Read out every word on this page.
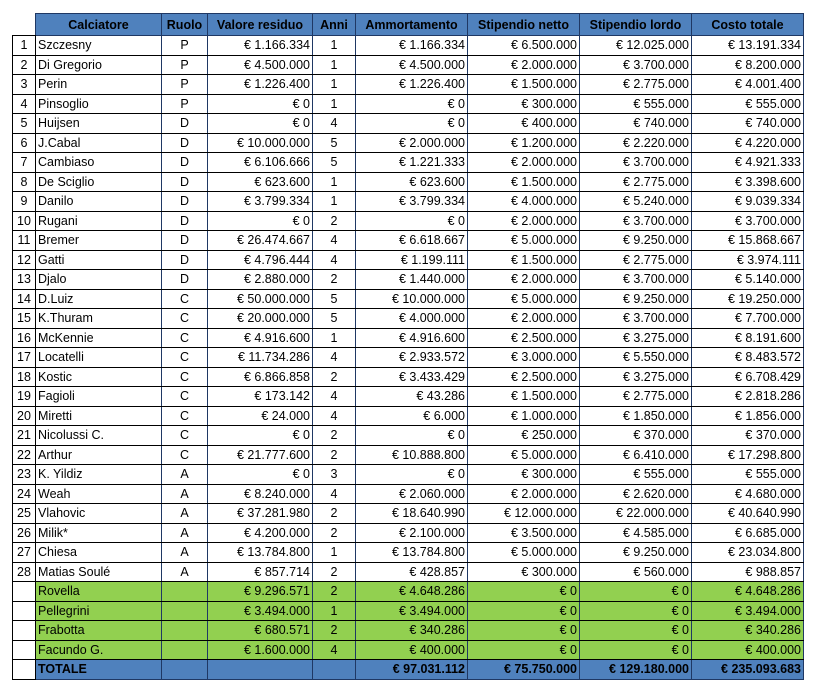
	Calciatore	Ruolo	Valore residuo	Anni	Ammortamento	Stipendio netto	Stipendio lordo	Costo totale
1	Szczesny	P	€ 1.166.334	1	€ 1.166.334	€ 6.500.000	€ 12.025.000	€ 13.191.334
2	Di Gregorio	P	€ 4.500.000	1	€ 4.500.000	€ 2.000.000	€ 3.700.000	€ 8.200.000
3	Perin	P	€ 1.226.400	1	€ 1.226.400	€ 1.500.000	€ 2.775.000	€ 4.001.400
4	Pinsoglio	P	€ 0	1	€ 0	€ 300.000	€ 555.000	€ 555.000
5	Huijsen	D	€ 0	4	€ 0	€ 400.000	€ 740.000	€ 740.000
6	J.Cabal	D	€ 10.000.000	5	€ 2.000.000	€ 1.200.000	€ 2.220.000	€ 4.220.000
7	Cambiaso	D	€ 6.106.666	5	€ 1.221.333	€ 2.000.000	€ 3.700.000	€ 4.921.333
8	De Sciglio	D	€ 623.600	1	€ 623.600	€ 1.500.000	€ 2.775.000	€ 3.398.600
9	Danilo	D	€ 3.799.334	1	€ 3.799.334	€ 4.000.000	€ 5.240.000	€ 9.039.334
10	Rugani	D	€ 0	2	€ 0	€ 2.000.000	€ 3.700.000	€ 3.700.000
11	Bremer	D	€ 26.474.667	4	€ 6.618.667	€ 5.000.000	€ 9.250.000	€ 15.868.667
12	Gatti	D	€ 4.796.444	4	€ 1.199.111	€ 1.500.000	€ 2.775.000	€ 3.974.111
13	Djalo	D	€ 2.880.000	2	€ 1.440.000	€ 2.000.000	€ 3.700.000	€ 5.140.000
14	D.Luiz	C	€ 50.000.000	5	€ 10.000.000	€ 5.000.000	€ 9.250.000	€ 19.250.000
15	K.Thuram	C	€ 20.000.000	5	€ 4.000.000	€ 2.000.000	€ 3.700.000	€ 7.700.000
16	McKennie	C	€ 4.916.600	1	€ 4.916.600	€ 2.500.000	€ 3.275.000	€ 8.191.600
17	Locatelli	C	€ 11.734.286	4	€ 2.933.572	€ 3.000.000	€ 5.550.000	€ 8.483.572
18	Kostic	C	€ 6.866.858	2	€ 3.433.429	€ 2.500.000	€ 3.275.000	€ 6.708.429
19	Fagioli	C	€ 173.142	4	€ 43.286	€ 1.500.000	€ 2.775.000	€ 2.818.286
20	Miretti	C	€ 24.000	4	€ 6.000	€ 1.000.000	€ 1.850.000	€ 1.856.000
21	Nicolussi C.	C	€ 0	2	€ 0	€ 250.000	€ 370.000	€ 370.000
22	Arthur	C	€ 21.777.600	2	€ 10.888.800	€ 5.000.000	€ 6.410.000	€ 17.298.800
23	K. Yildiz	A	€ 0	3	€ 0	€ 300.000	€ 555.000	€ 555.000
24	Weah	A	€ 8.240.000	4	€ 2.060.000	€ 2.000.000	€ 2.620.000	€ 4.680.000
25	Vlahovic	A	€ 37.281.980	2	€ 18.640.990	€ 12.000.000	€ 22.000.000	€ 40.640.990
26	Milik*	A	€ 4.200.000	2	€ 2.100.000	€ 3.500.000	€ 4.585.000	€ 6.685.000
27	Chiesa	A	€ 13.784.800	1	€ 13.784.800	€ 5.000.000	€ 9.250.000	€ 23.034.800
28	Matias Soulé	A	€ 857.714	2	€ 428.857	€ 300.000	€ 560.000	€ 988.857
	Rovella		€ 9.296.571	2	€ 4.648.286	€ 0	€ 0	€ 4.648.286
	Pellegrini		€ 3.494.000	1	€ 3.494.000	€ 0	€ 0	€ 3.494.000
	Frabotta		€ 680.571	2	€ 340.286	€ 0	€ 0	€ 340.286
	Facundo G.		€ 1.600.000	4	€ 400.000	€ 0	€ 0	€ 400.000
	TOTALE				€ 97.031.112	€ 75.750.000	€ 129.180.000	€ 235.093.683
